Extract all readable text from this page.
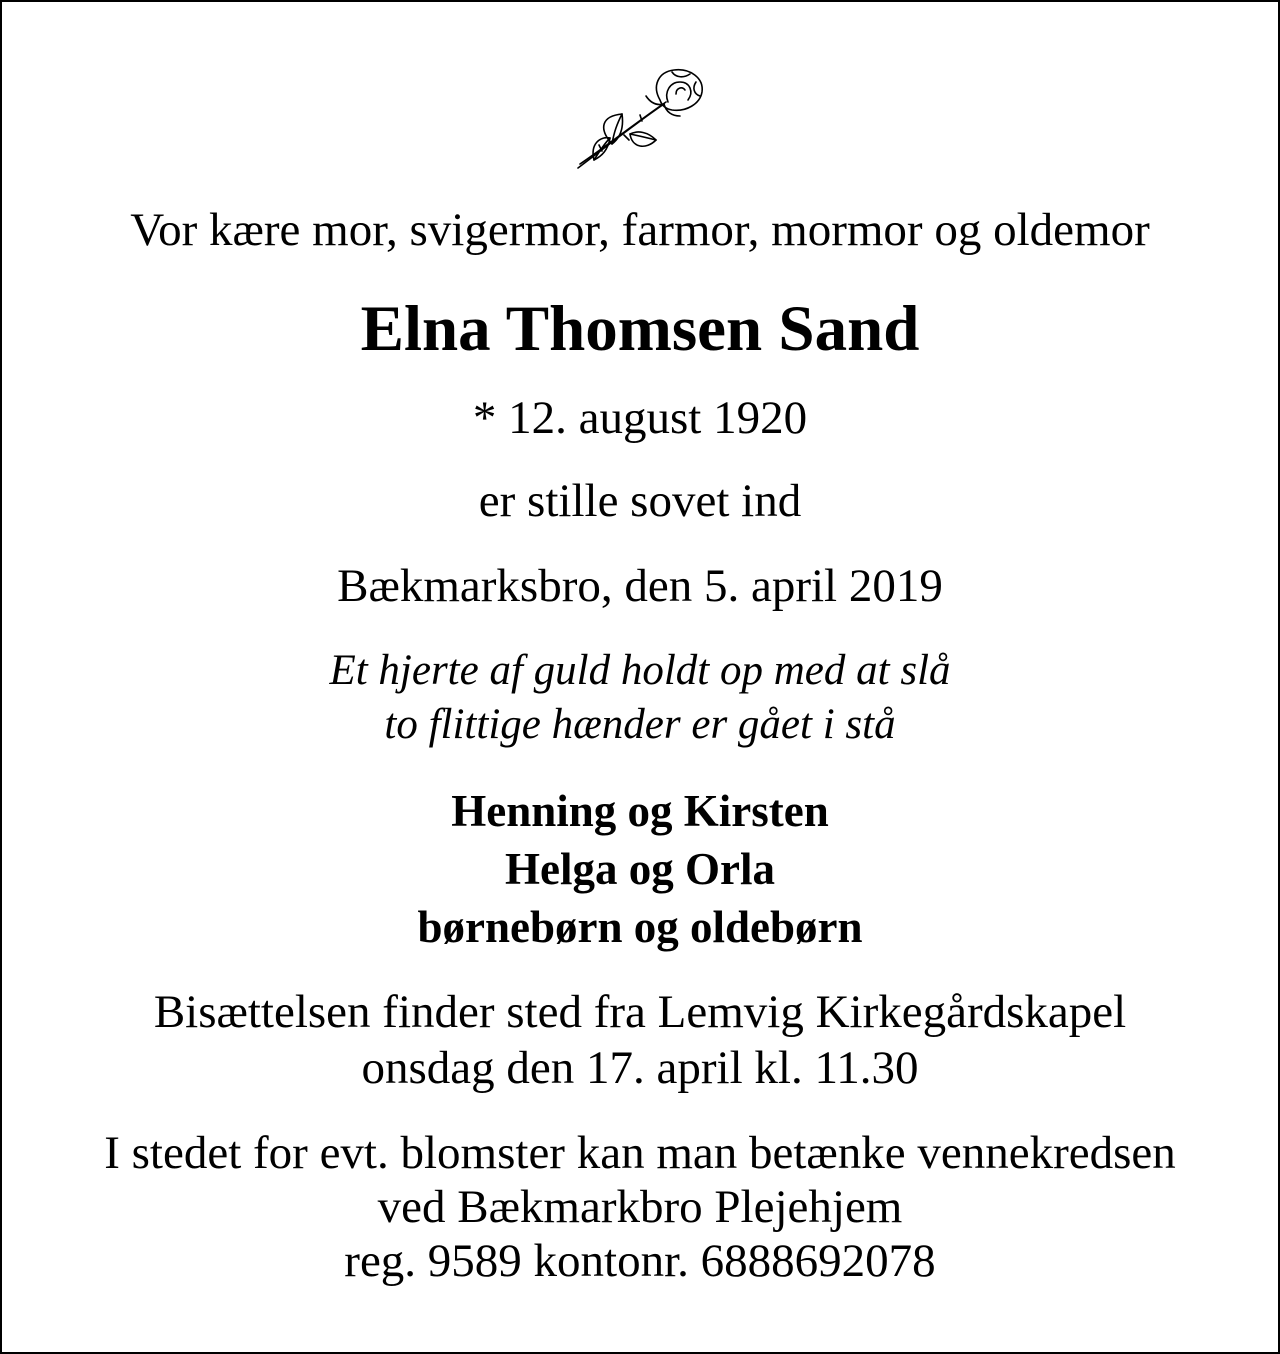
Vor kære mor, svigermor, farmor, mormor og oldemor

Elna Thomsen Sand

* 12. august 1920

er stille sovet ind

Bækmarksbro, den 5. april 2019

Et hjerte af guld holdt op med at slå

to flittige hænder er gået i stå

Henning og Kirsten

Helga og Orla

børnebørn og oldebørn

Bisættelsen finder sted fra Lemvig Kirkegårdskapel

onsdag den 17. april kl. 11.30

I stedet for evt. blomster kan man betænke vennekredsen

ved Bækmarkbro Plejehjem

reg. 9589 kontonr. 6888692078
